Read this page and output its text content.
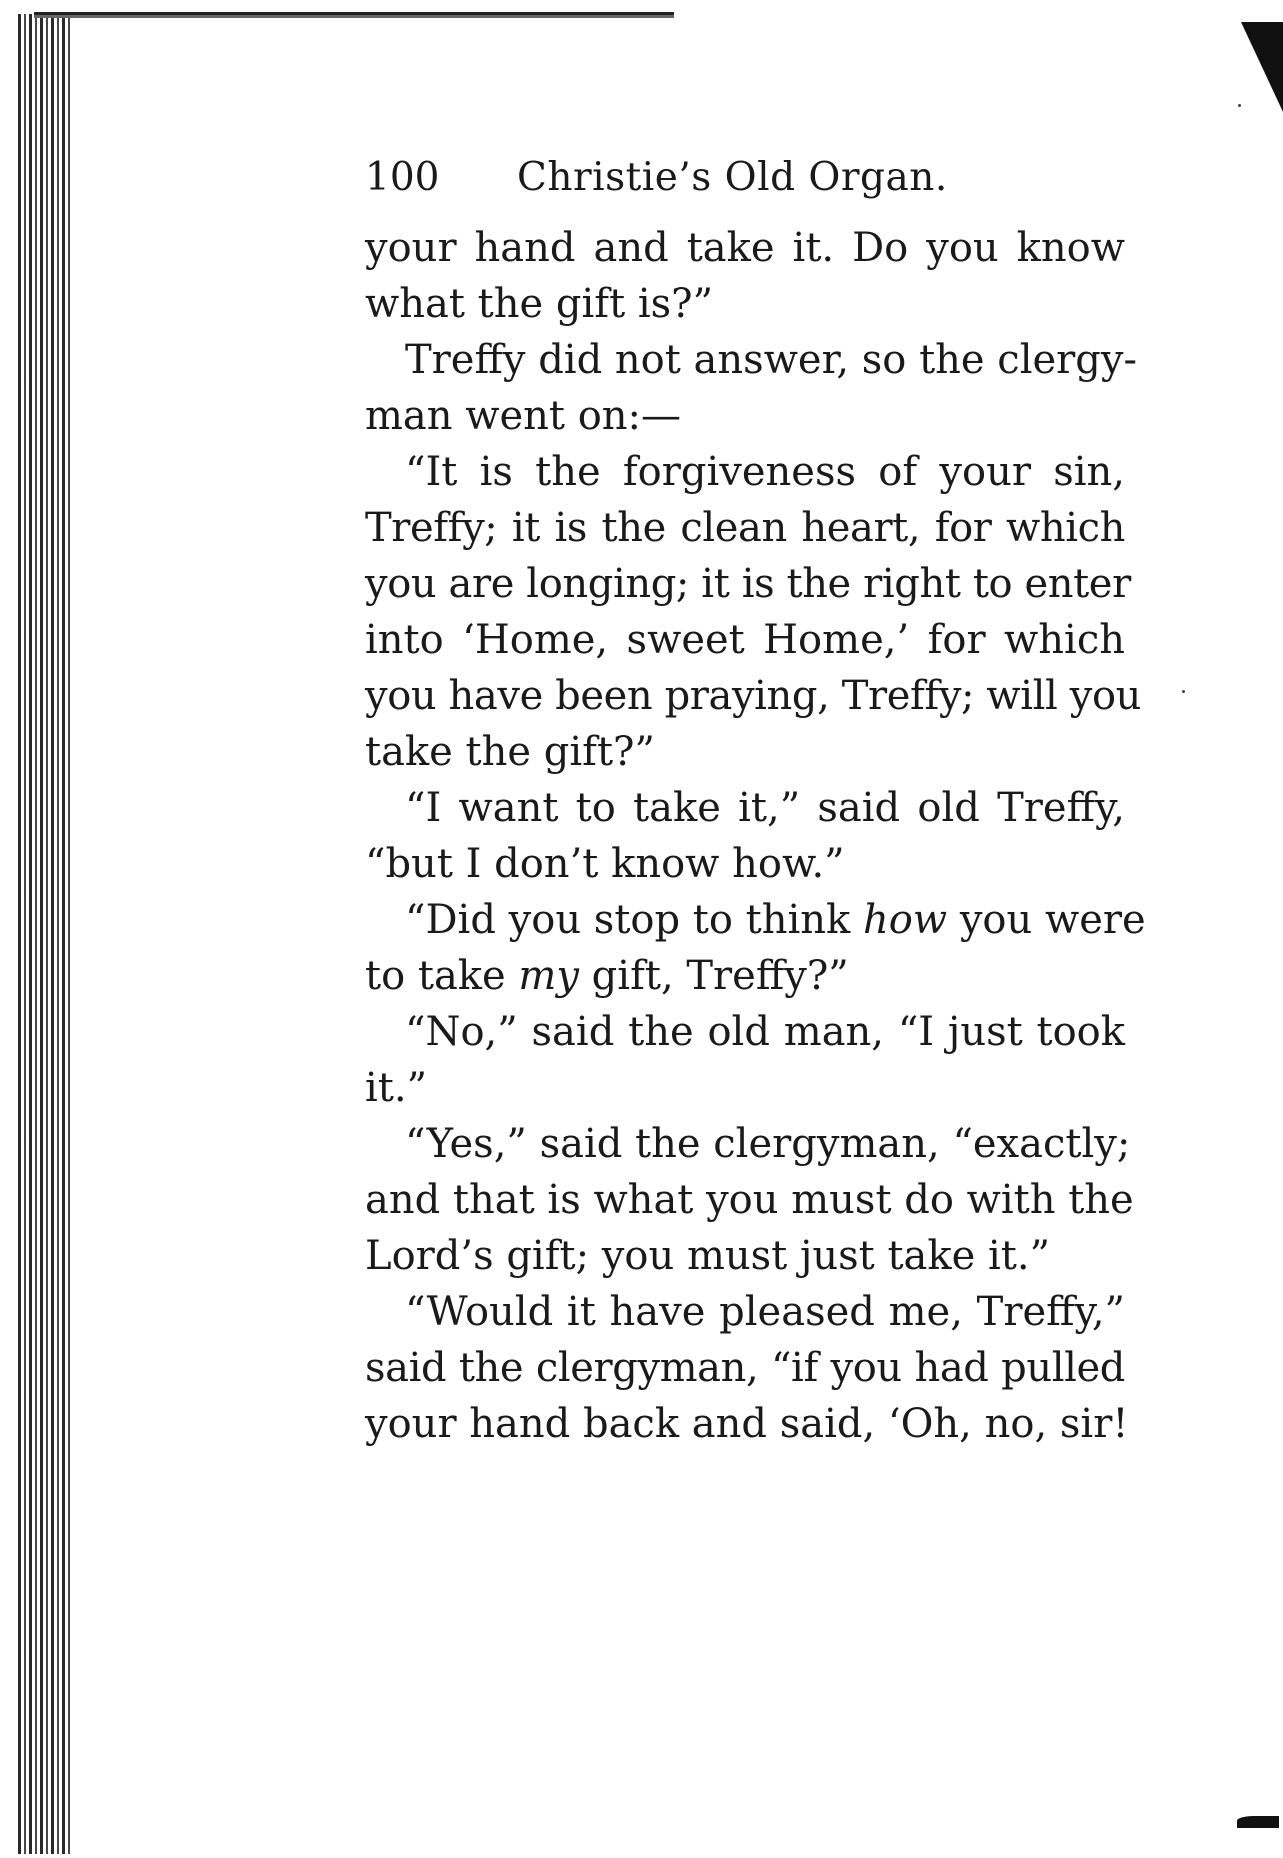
100 Christie’s Old Organ.
your hand and take it. Do you know
what the gift is?”
Treffy did not answer, so the clergy-
man went on:—
“It is the forgiveness of your sin,
Treffy; it is the clean heart, for which
you are longing; it is the right to enter
into ‘Home, sweet Home,’ for which
you have been praying, Treffy; will you
take the gift?”
“I want to take it,” said old Treffy,
“but I don’t know how.”
“Did you stop to think how you were
to take my gift, Treffy?”
“No,” said the old man, “I just took
it.”
“Yes,” said the clergyman, “exactly;
and that is what you must do with the
Lord’s gift; you must just take it.”
“Would it have pleased me, Treffy,”
said the clergyman, “if you had pulled
your hand back and said, ‘Oh, no, sir!
